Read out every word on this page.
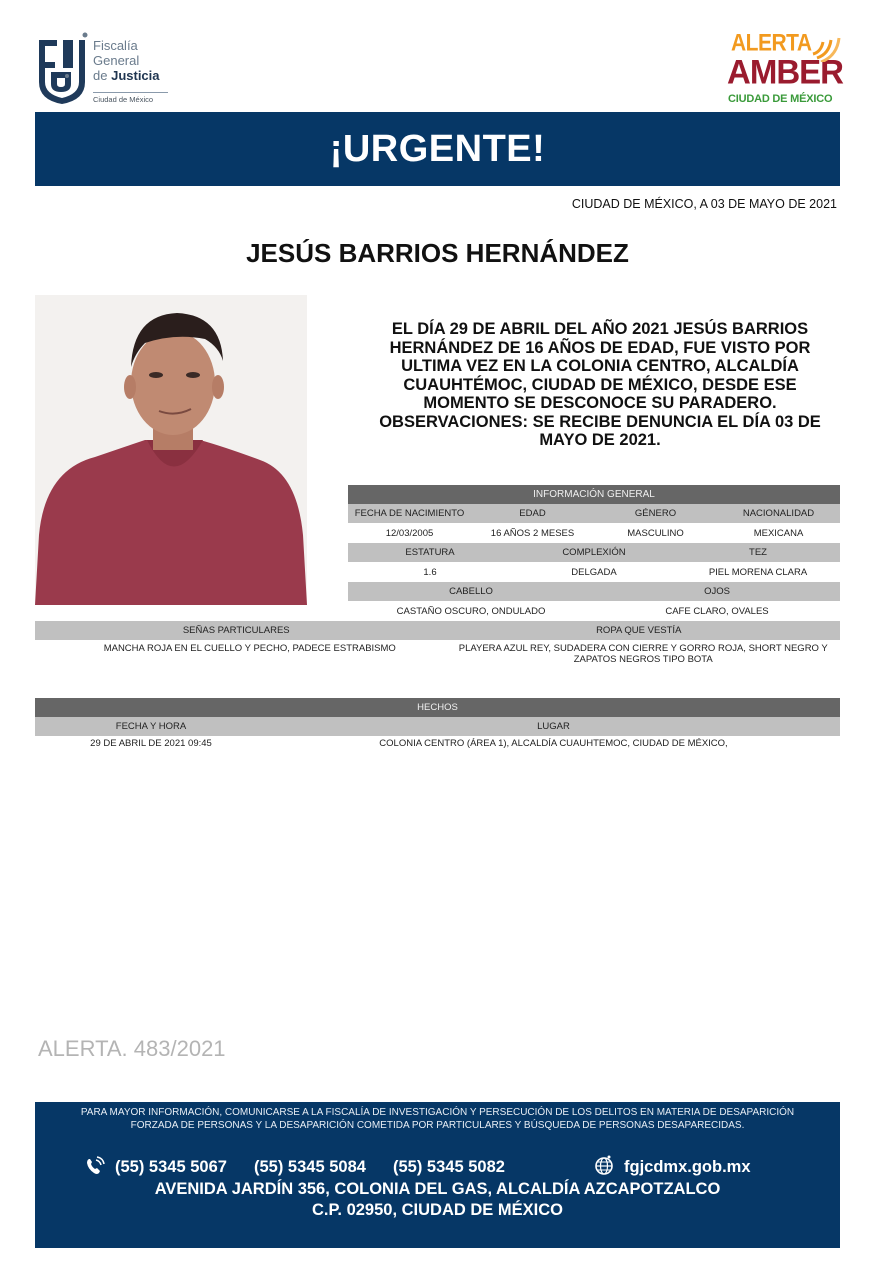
Fiscalía
General
de Justicia
Ciudad de México
ALERTA
AMBER
CIUDAD DE MÉXICO
¡URGENTE!
CIUDAD DE MÉXICO, A 03 DE MAYO DE 2021
JESÚS BARRIOS HERNÁNDEZ
EL DÍA 29 DE ABRIL DEL AÑO 2021 JESÚS BARRIOS HERNÁNDEZ DE 16 AÑOS DE EDAD, FUE VISTO POR ULTIMA VEZ EN LA COLONIA CENTRO, ALCALDÍA CUAUHTÉMOC, CIUDAD DE MÉXICO, DESDE ESE MOMENTO SE DESCONOCE SU PARADERO. OBSERVACIONES: SE RECIBE DENUNCIA EL DÍA 03 DE MAYO DE 2021.
INFORMACIÓN GENERAL
FECHA DE NACIMIENTO	EDAD	GÉNERO	NACIONALIDAD
12/03/2005	16 AÑOS 2 MESES	MASCULINO	MEXICANA
ESTATURA	COMPLEXIÓN	TEZ
1.6	DELGADA	PIEL MORENA CLARA
CABELLO	OJOS
CASTAÑO OSCURO, ONDULADO	CAFE CLARO, OVALES
SEÑAS PARTICULARES	ROPA QUE VESTÍA
MANCHA ROJA EN EL CUELLO Y PECHO, PADECE ESTRABISMO	PLAYERA AZUL REY, SUDADERA CON CIERRE Y GORRO ROJA, SHORT NEGRO Y ZAPATOS NEGROS TIPO BOTA
HECHOS
FECHA Y HORA	LUGAR
29 DE ABRIL DE 2021 09:45	COLONIA CENTRO (ÁREA 1), ALCALDÍA CUAUHTEMOC, CIUDAD DE MÉXICO,
ALERTA. 483/2021
PARA MAYOR INFORMACIÓN, COMUNICARSE A LA FISCALÍA DE INVESTIGACIÓN Y PERSECUCIÓN DE LOS DELITOS EN MATERIA DE DESAPARICIÓN FORZADA DE PERSONAS Y LA DESAPARICIÓN COMETIDA POR PARTICULARES Y BÚSQUEDA DE PERSONAS DESAPARECIDAS.
(55) 5345 5067 (55) 5345 5084 (55) 5345 5082	fgjcdmx.gob.mx
AVENIDA JARDÍN 356, COLONIA DEL GAS, ALCALDÍA AZCAPOTZALCO
C.P. 02950, CIUDAD DE MÉXICO
